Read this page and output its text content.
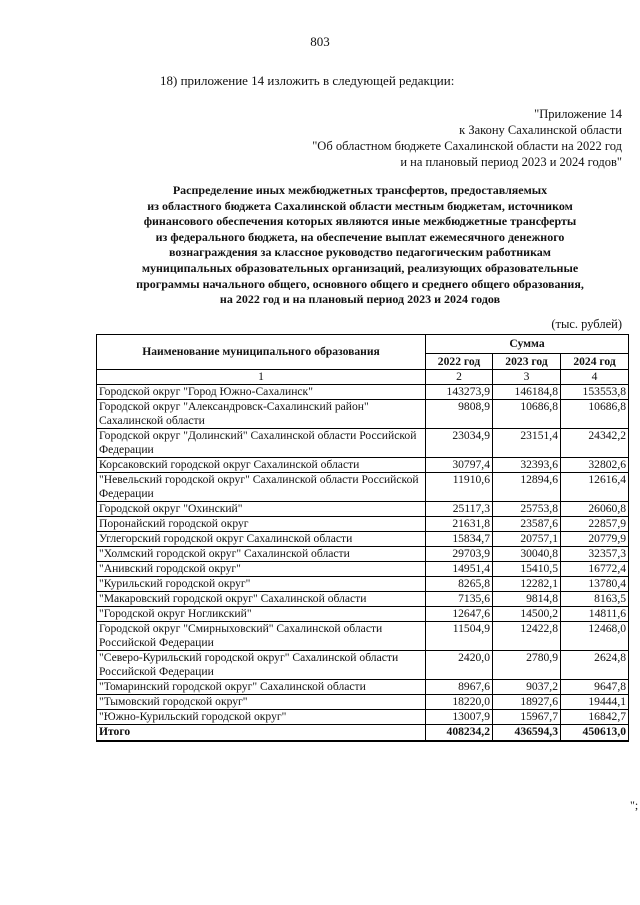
803
18) приложение 14 изложить в следующей редакции:
"Приложение 14
к Закону Сахалинской области
"Об областном бюджете Сахалинской области на 2022 год
и на плановый период 2023 и 2024 годов"
Распределение иных межбюджетных трансфертов, предоставляемых
из областного бюджета Сахалинской области местным бюджетам, источником
финансового обеспечения которых являются иные межбюджетные трансферты
из федерального бюджета, на обеспечение выплат ежемесячного денежного
вознаграждения за классное руководство педагогическим работникам
муниципальных образовательных организаций, реализующих образовательные
программы начального общего, основного общего и среднего общего образования,
на 2022 год и на плановый период 2023 и 2024 годов
(тыс. рублей)
Наименование муниципального образования	Сумма		
	2022 год	2023 год	2024 год
1	2	3	4
Городской округ "Город Южно-Сахалинск"	143273,9	146184,8	153553,8
Городской округ "Александровск-Сахалинский район" Сахалинской области	9808,9	10686,8	10686,8
Городской округ "Долинский" Сахалинской области Российской Федерации	23034,9	23151,4	24342,2
Корсаковский городской округ Сахалинской области	30797,4	32393,6	32802,6
"Невельский городской округ" Сахалинской области Российской Федерации	11910,6	12894,6	12616,4
Городской округ "Охинский"	25117,3	25753,8	26060,8
Поронайский городской округ	21631,8	23587,6	22857,9
Углегорский городской округ Сахалинской области	15834,7	20757,1	20779,9
"Холмский городской округ" Сахалинской области	29703,9	30040,8	32357,3
"Анивский городской округ"	14951,4	15410,5	16772,4
"Курильский городской округ"	8265,8	12282,1	13780,4
"Макаровский городской округ" Сахалинской области	7135,6	9814,8	8163,5
"Городской округ Ногликский"	12647,6	14500,2	14811,6
Городской округ "Смирныховский" Сахалинской области Российской Федерации	11504,9	12422,8	12468,0
"Северо-Курильский городской округ" Сахалинской области Российской Федерации	2420,0	2780,9	2624,8
"Томаринский городской округ" Сахалинской области	8967,6	9037,2	9647,8
"Тымовский городской округ"	18220,0	18927,6	19444,1
"Южно-Курильский городской округ"	13007,9	15967,7	16842,7
Итого	408234,2	436594,3	450613,0
";
